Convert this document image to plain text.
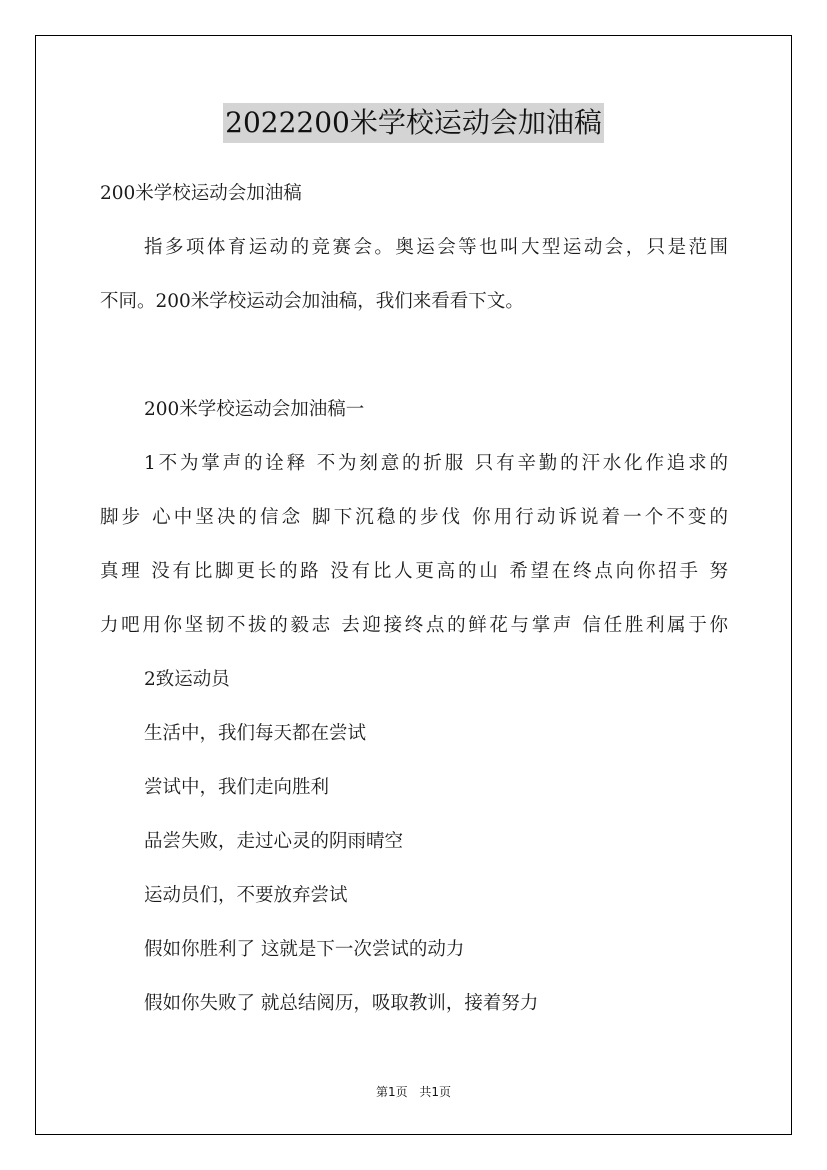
2022200米学校运动会加油稿
200米学校运动会加油稿
指多项体育运动的竞赛会。奥运会等也叫大型运动会，只是范围
不同。200米学校运动会加油稿，我们来看看下文。
200米学校运动会加油稿一
1不为掌声的诠释 不为刻意的折服 只有辛勤的汗水化作追求的
脚步 心中坚决的信念 脚下沉稳的步伐 你用行动诉说着一个不变的
真理 没有比脚更长的路 没有比人更高的山 希望在终点向你招手 努
力吧用你坚韧不拔的毅志 去迎接终点的鲜花与掌声 信任胜利属于你
2致运动员
生活中，我们每天都在尝试
尝试中，我们走向胜利
品尝失败，走过心灵的阴雨晴空
运动员们，不要放弃尝试
假如你胜利了 这就是下一次尝试的动力
假如你失败了 就总结阅历，吸取教训，接着努力
第1页 共1页
